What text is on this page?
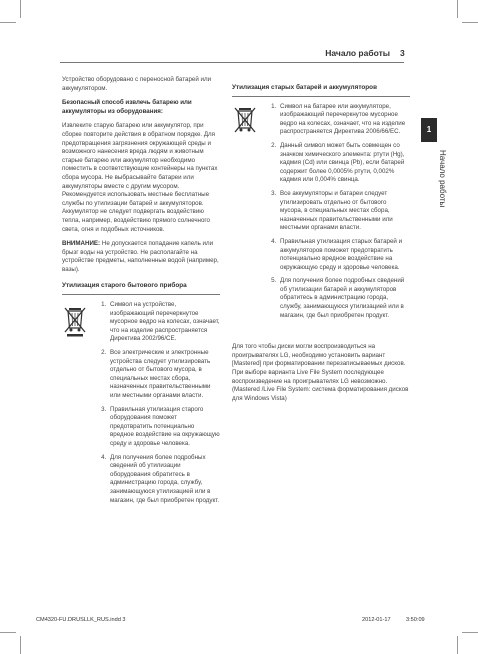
Начало работы 3
1
Начало работы

Устройство оборудовано с переносной батарей или аккумулятором.

Безопасный способ извлечь батарею или аккумуляторы из оборудования:

Извлеките старую батарею или аккумулятор, при сборке повторите действия в обратном порядке. Для предотвращения загрязнения окружающей среды и возможного нанесения вреда людям и животным старые батарею или аккумулятор необходимо поместить в соответствующие контейнеры на пунктах сбора мусора. Не выбрасывайте батареи или аккумуляторы вместе с другим мусором. Рекомендуется использовать местные бесплатные службы по утилизации батарей и аккумуляторов. Аккумулятор не следует подвергать воздействию тепла, например, воздействию прямого солнечного света, огня и подобных источников.

ВНИМАНИЕ: Не допускается попадание капель или брызг воды на устройство. Не располагайте на устройстве предметы, наполненные водой (например, вазы).

Утилизация старого бытового прибора
1. Символ на устройстве, изображающий перечеркнутое мусорное ведро на колесах, означает, что на изделие распространяется Директива 2002/96/CE.
2. Все электрические и электронные устройства следует утилизировать отдельно от бытового мусора, в специальных местах сбора, назначенных правительственными или местными органами власти.
3. Правильная утилизация старого оборудования поможет предотвратить потенциально вредное воздействие на окружающую среду и здоровье человека.
4. Для получения более подробных сведений об утилизации оборудования обратитесь в администрацию города, службу, занимающуюся утилизацией или в магазин, где был приобретен продукт.
Утилизация старых батарей и аккумуляторов
1. Символ на батарее или аккумуляторе, изображающий перечеркнутое мусорное ведро на колесах, означает, что на изделие распространяется Директива 2006/66/ЕС.
2. Данный символ может быть совмещен со значком химического элемента: ртути (Hg), кадмия (Cd) или свинца (Pb), если батарей содержит более 0,0005% ртути, 0,002% кадмия или 0,004% свинца.
3. Все аккумуляторы и батареи следует утилизировать отдельно от бытового мусора, в специальных местах сбора, назначенных правительственными или местными органами власти.
4. Правильная утилизация старых батарей и аккумуляторов поможет предотвратить потенциально вредное воздействие на окружающую среду и здоровье человека.
5. Для получения более подробных сведений об утилизации батарей и аккумуляторов обратитесь в администрацию города, службу, занимающуюся утилизацией или в магазин, где был приобретен продукт.

Для того чтобы диски могли воспроизводиться на проигрывателях LG, необходимо установить вариант [Mastered] при форматировании перезаписываемых дисков. При выборе варианта Live File System последующее воспроизведение на проигрывателях LG невозможно. (Mastered /Live File System: система форматирования дисков для Windows Vista)

CM4320-FU.DRUSLLK_RUS.indd 3	2012-01-17	3:50:09
